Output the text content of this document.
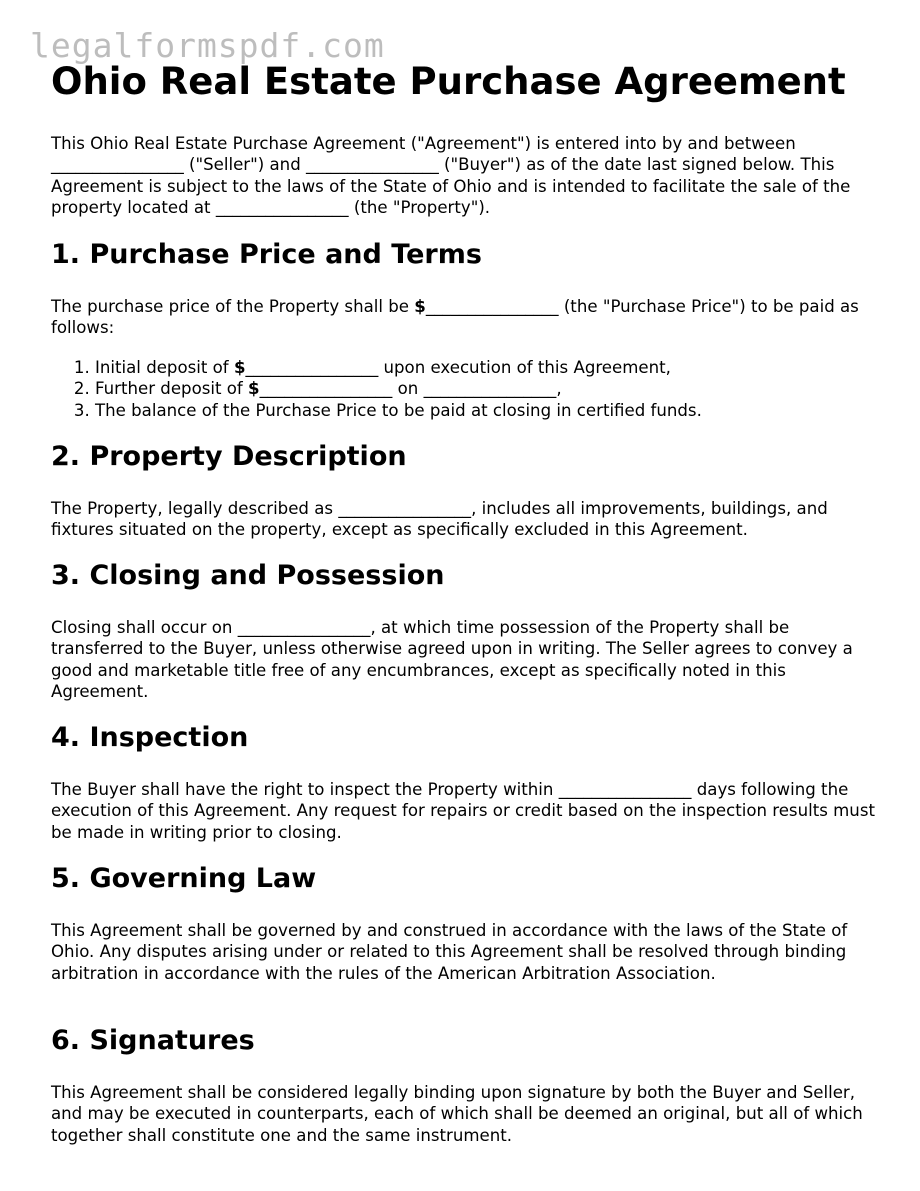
legalformspdf.com
Ohio Real Estate Purchase Agreement

This Ohio Real Estate Purchase Agreement ("Agreement") is entered into by and between ________________ ("Seller") and ________________ ("Buyer") as of the date last signed below. This Agreement is subject to the laws of the State of Ohio and is intended to facilitate the sale of the property located at ________________ (the "Property").

1. Purchase Price and Terms

The purchase price of the Property shall be $________________ (the "Purchase Price") to be paid as follows:

1. Initial deposit of $________________ upon execution of this Agreement,
2. Further deposit of $________________ on ________________,
3. The balance of the Purchase Price to be paid at closing in certified funds.
2. Property Description

The Property, legally described as ________________, includes all improvements, buildings, and fixtures situated on the property, except as specifically excluded in this Agreement.

3. Closing and Possession

Closing shall occur on ________________, at which time possession of the Property shall be transferred to the Buyer, unless otherwise agreed upon in writing. The Seller agrees to convey a good and marketable title free of any encumbrances, except as specifically noted in this Agreement.

4. Inspection

The Buyer shall have the right to inspect the Property within ________________ days following the execution of this Agreement. Any request for repairs or credit based on the inspection results must be made in writing prior to closing.

5. Governing Law

This Agreement shall be governed by and construed in accordance with the laws of the State of Ohio. Any disputes arising under or related to this Agreement shall be resolved through binding arbitration in accordance with the rules of the American Arbitration Association.

6. Signatures

This Agreement shall be considered legally binding upon signature by both the Buyer and Seller, and may be executed in counterparts, each of which shall be deemed an original, but all of which together shall constitute one and the same instrument.
